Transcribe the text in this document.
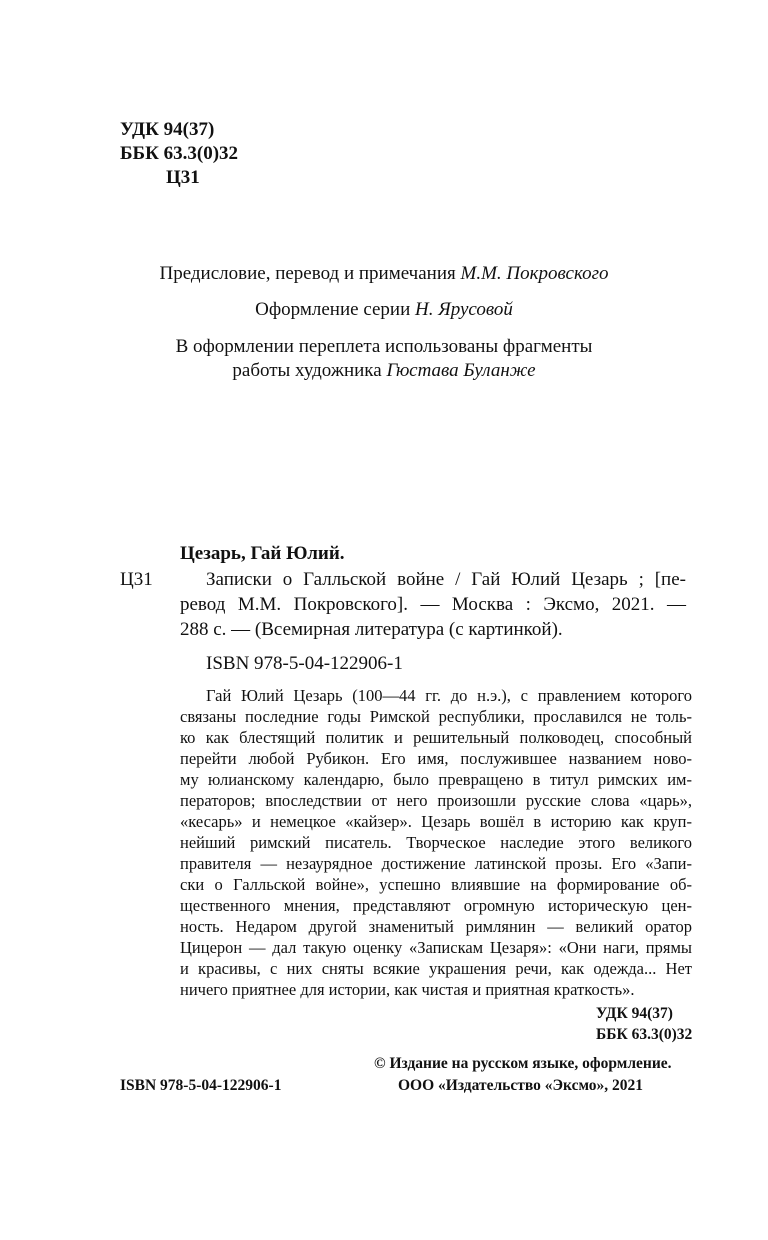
УДК 94(37)
ББК 63.3(0)32
Ц31
Предисловие, перевод и примечания М.М. Покровского
Оформление серии Н. Ярусовой
В оформлении переплета использованы фрагменты
работы художника Гюстава Буланже
Цезарь, Гай Юлий.
Ц31	Записки о Галльской войне / Гай Юлий Цезарь ; [пе-
ревод М.М. Покровского]. — Москва : Эксмо, 2021. —
288 с. — (Всемирная литература (с картинкой).
ISBN 978-5-04-122906-1
Гай Юлий Цезарь (100—44 гг. до н.э.), с правлением которого
связаны последние годы Римской республики, прославился не толь-
ко как блестящий политик и решительный полководец, способный
перейти любой Рубикон. Его имя, послужившее названием ново-
му юлианскому календарю, было превращено в титул римских им-
ператоров; впоследствии от него произошли русские слова «царь»,
«кесарь» и немецкое «кайзер». Цезарь вошёл в историю как круп-
нейший римский писатель. Творческое наследие этого великого
правителя — незаурядное достижение латинской прозы. Его «Запи-
ски о Галльской войне», успешно влиявшие на формирование об-
щественного мнения, представляют огромную историческую цен-
ность. Недаром другой знаменитый римлянин — великий оратор
Цицерон — дал такую оценку «Запискам Цезаря»: «Они наги, прямы
и красивы, с них сняты всякие украшения речи, как одежда... Нет
ничего приятнее для истории, как чистая и приятная краткость».
УДК 94(37)
ББК 63.3(0)32
© Издание на русском языке, оформление.
ISBN 978-5-04-122906-1	ООО «Издательство «Эксмо», 2021
